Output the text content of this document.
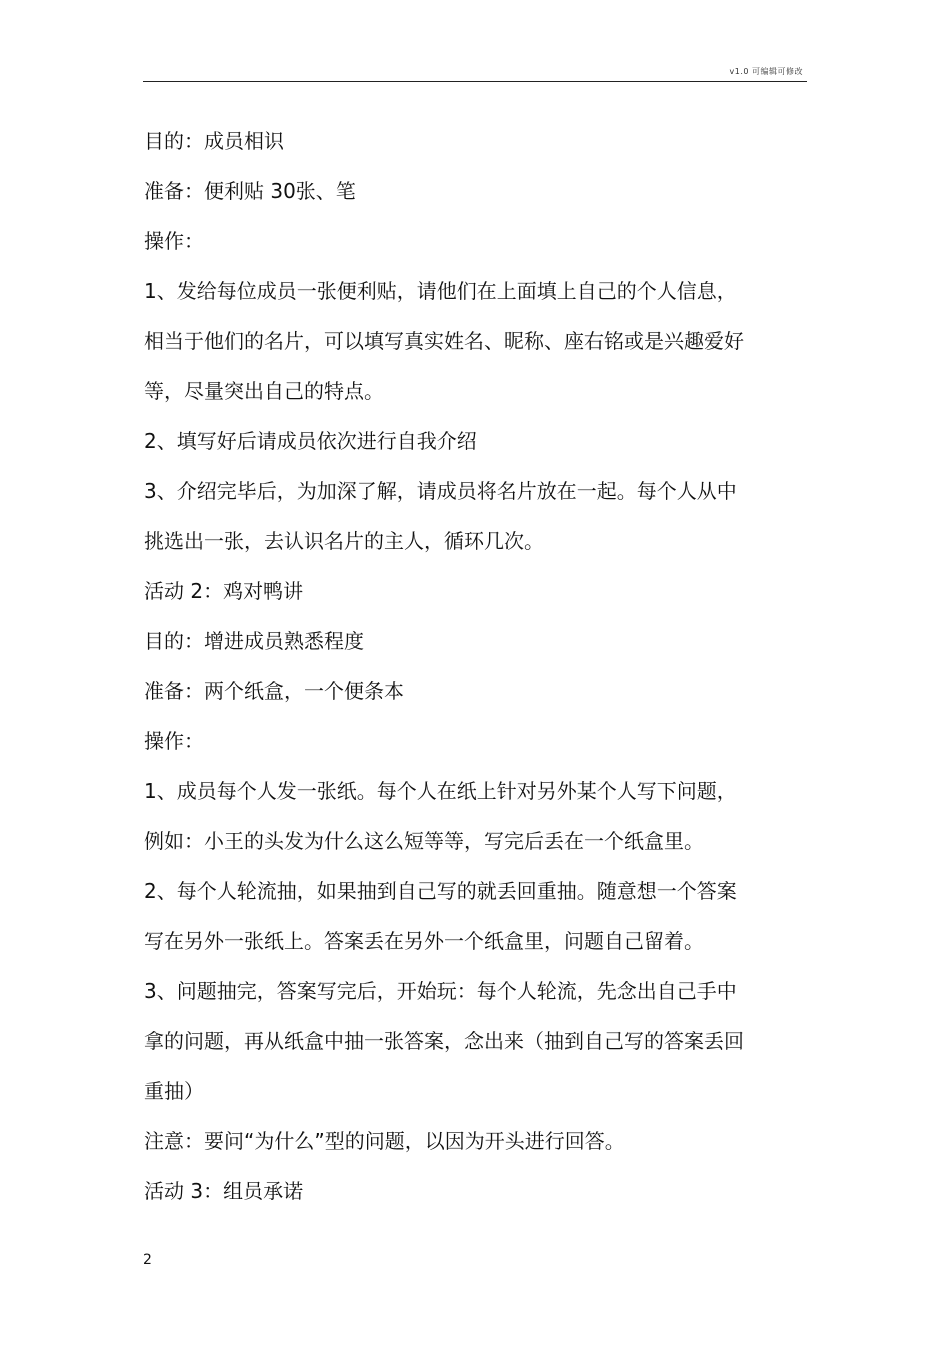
v1.0 可编辑可修改
目的：成员相识
准备：便利贴 30张、笔
操作：
1、发给每位成员一张便利贴，请他们在上面填上自己的个人信息，
相当于他们的名片，可以填写真实姓名、昵称、座右铭或是兴趣爱好
等，尽量突出自己的特点。
2、填写好后请成员依次进行自我介绍
3、介绍完毕后，为加深了解，请成员将名片放在一起。每个人从中
挑选出一张，去认识名片的主人，循环几次。
活动 2：鸡对鸭讲
目的：增进成员熟悉程度
准备：两个纸盒，一个便条本
操作：
1、成员每个人发一张纸。每个人在纸上针对另外某个人写下问题，
例如：小王的头发为什么这么短等等，写完后丢在一个纸盒里。
2、每个人轮流抽，如果抽到自己写的就丢回重抽。随意想一个答案
写在另外一张纸上。答案丢在另外一个纸盒里，问题自己留着。
3、问题抽完，答案写完后，开始玩：每个人轮流，先念出自己手中
拿的问题，再从纸盒中抽一张答案，念出来（抽到自己写的答案丢回
重抽）
注意：要问“为什么”型的问题，以因为开头进行回答。
活动 3：组员承诺
2
